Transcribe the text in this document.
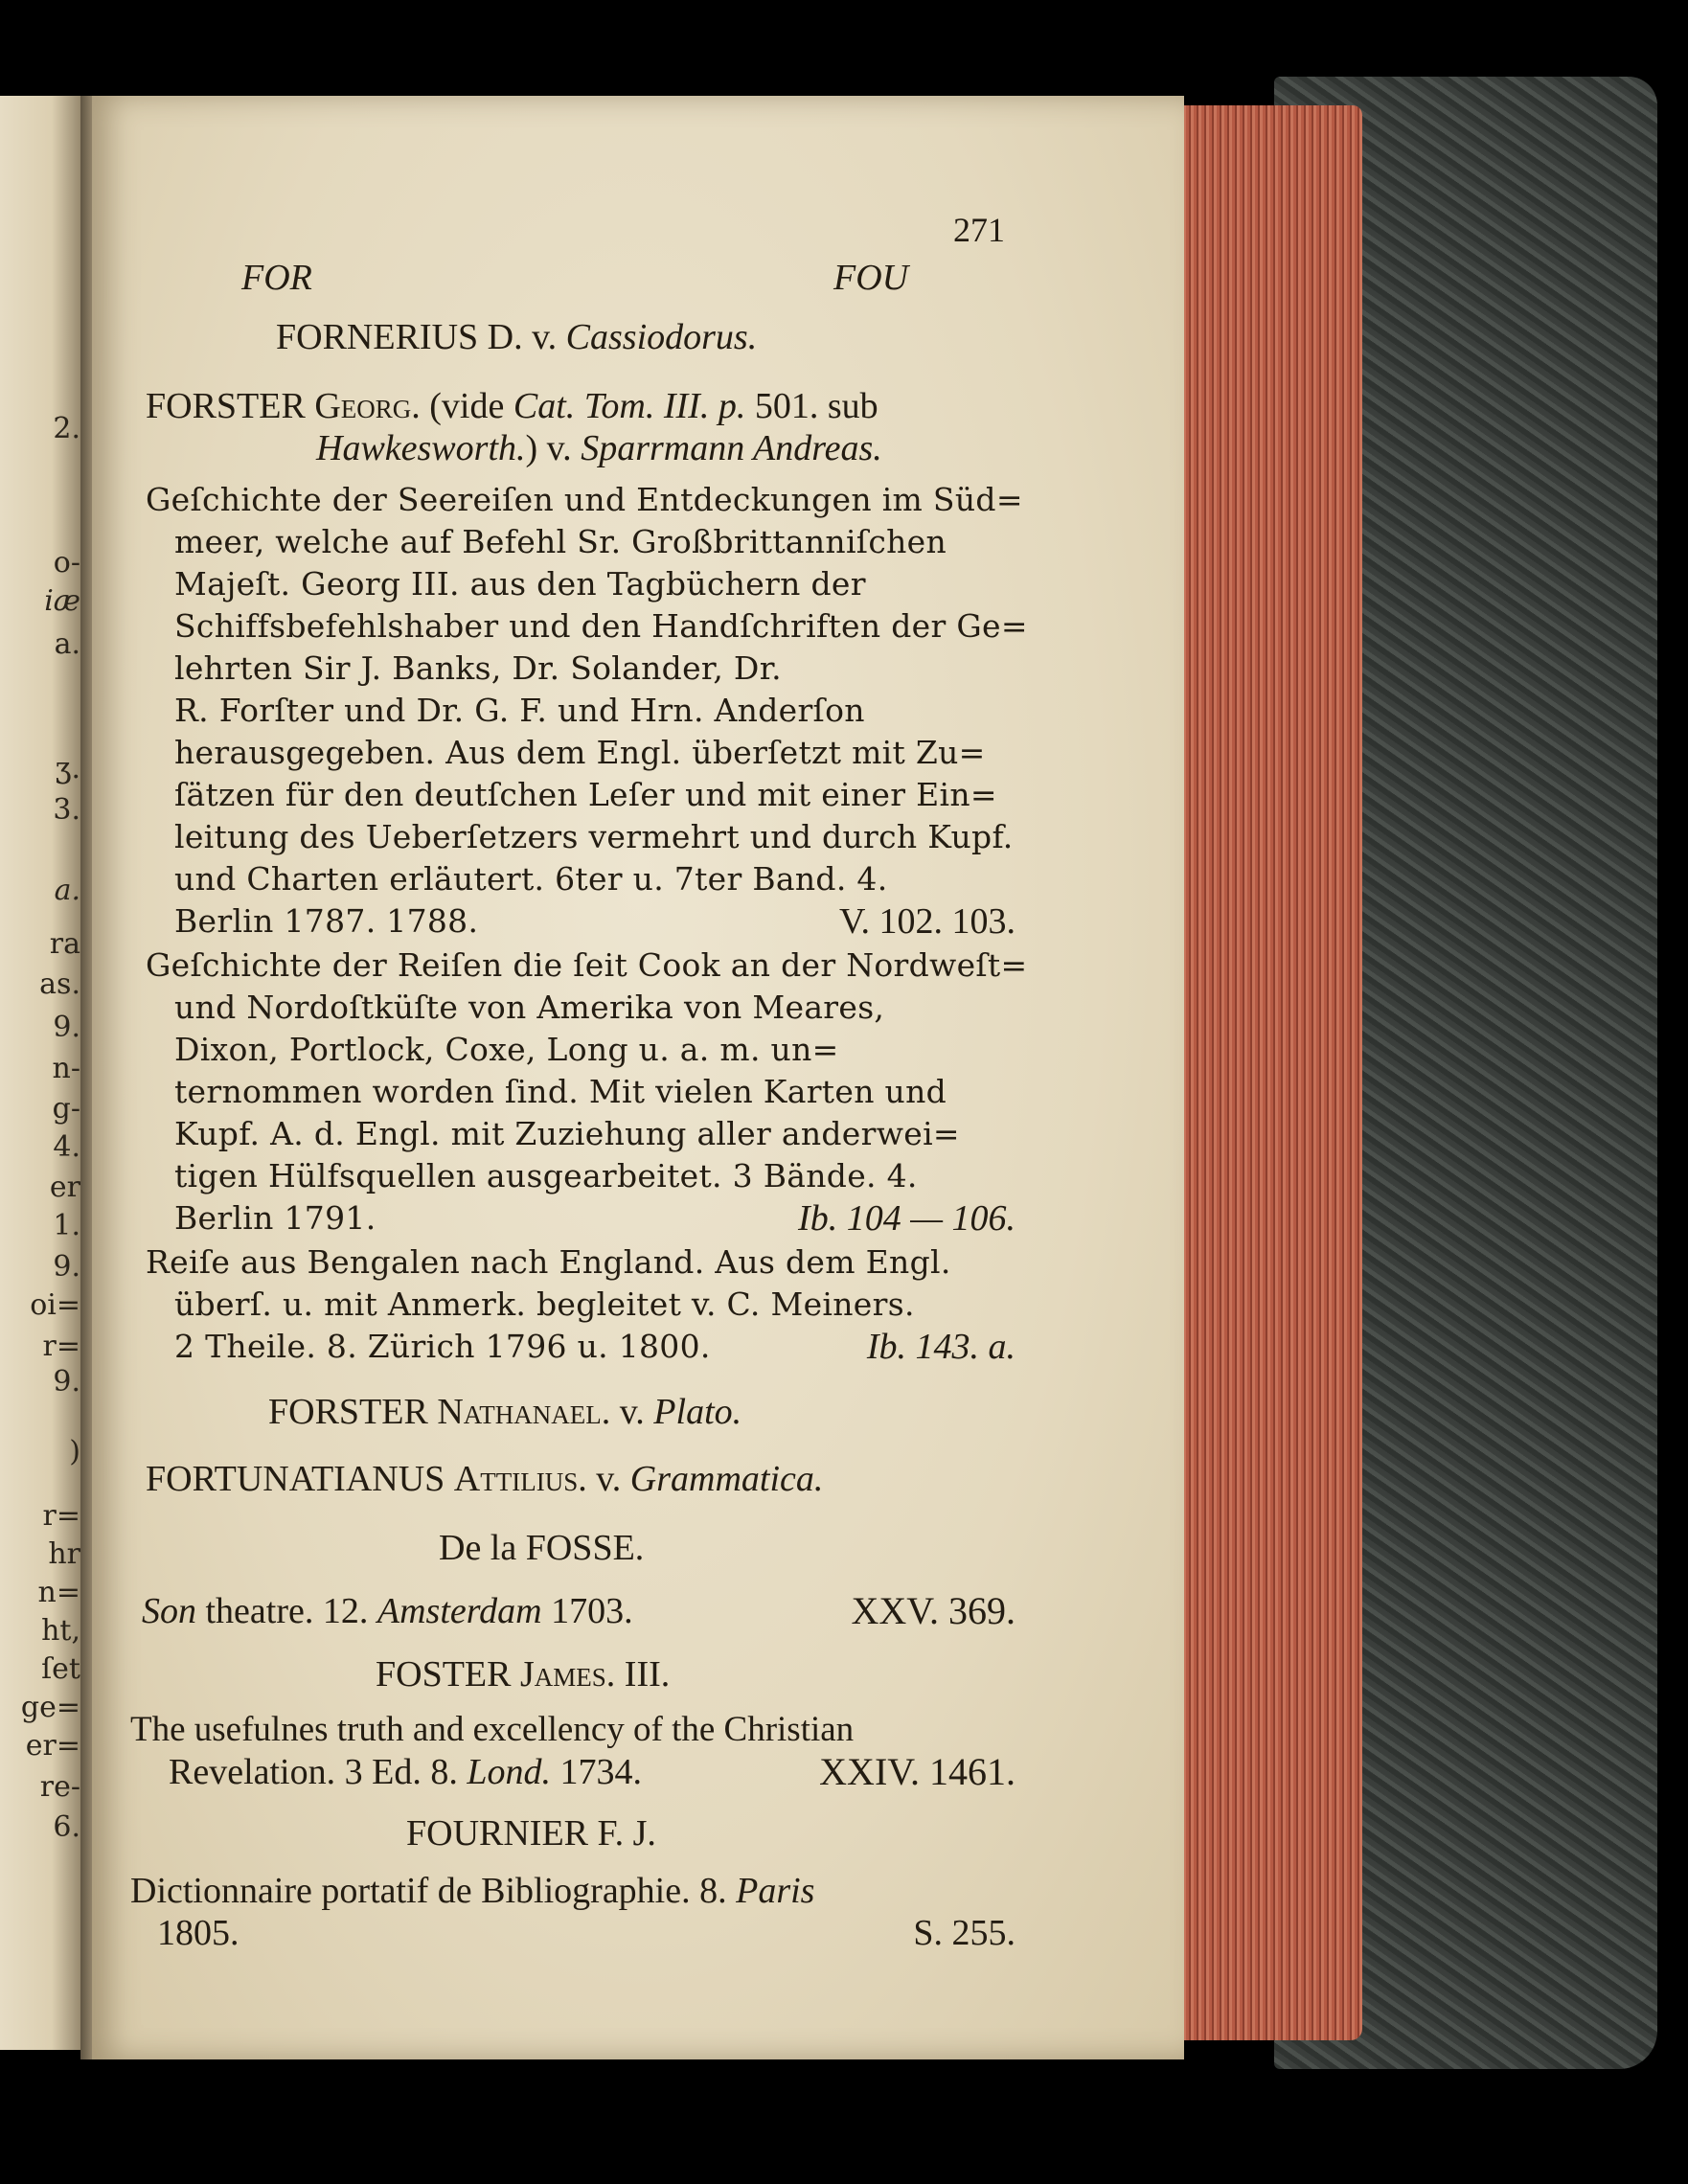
2.
o-
iæ
a.
ʒ.
3.
a.
ra
as.
9.
n-
g-
4.
er
1.
9.
oi=
r=
9.
)
r=
hr
n=
ht,
ſet
ge=
er=
re-
6.
271
FOR	FOU
FORNERIUS D. v. Cassiodorus.
FORSTER Georg. (vide Cat. Tom. III. p. 501. sub
Hawkesworth.) v. Sparrmann Andreas.
Geſchichte der Seereiſen und Entdeckungen im Süd=
meer, welche auf Befehl Sr. Großbrittanniſchen
Majeſt. Georg III. aus den Tagbüchern der
Schiffsbefehlshaber und den Handſchriften der Ge=
lehrten Sir J. Banks, Dr. Solander, Dr.
R. Forſter und Dr. G. F. und Hrn. Anderſon
herausgegeben. Aus dem Engl. überſetzt mit Zu=
ſätzen für den deutſchen Leſer und mit einer Ein=
leitung des Ueberſetzers vermehrt und durch Kupf.
und Charten erläutert. 6ter u. 7ter Band. 4.
Berlin 1787. 1788.	V. 102. 103.
Geſchichte der Reiſen die ſeit Cook an der Nordweſt=
und Nordoſtküſte von Amerika von Meares,
Dixon, Portlock, Coxe, Long u. a. m. un=
ternommen worden ſind. Mit vielen Karten und
Kupf. A. d. Engl. mit Zuziehung aller anderwei=
tigen Hülfsquellen ausgearbeitet. 3 Bände. 4.
Berlin 1791.	Ib. 104 — 106.
Reiſe aus Bengalen nach England. Aus dem Engl.
überſ. u. mit Anmerk. begleitet v. C. Meiners.
2 Theile. 8. Zürich 1796 u. 1800.	Ib. 143. a.
FORSTER Nathanael. v. Plato.
FORTUNATIANUS Attilius. v. Grammatica.
De la FOSSE.
Son theatre. 12. Amsterdam 1703.	XXV. 369.
FOSTER James. III.
The usefulnes truth and excellency of the Christian
Revelation. 3 Ed. 8. Lond. 1734.	XXIV. 1461.
FOURNIER F. J.
Dictionnaire portatif de Bibliographie. 8. Paris
1805.	S. 255.
